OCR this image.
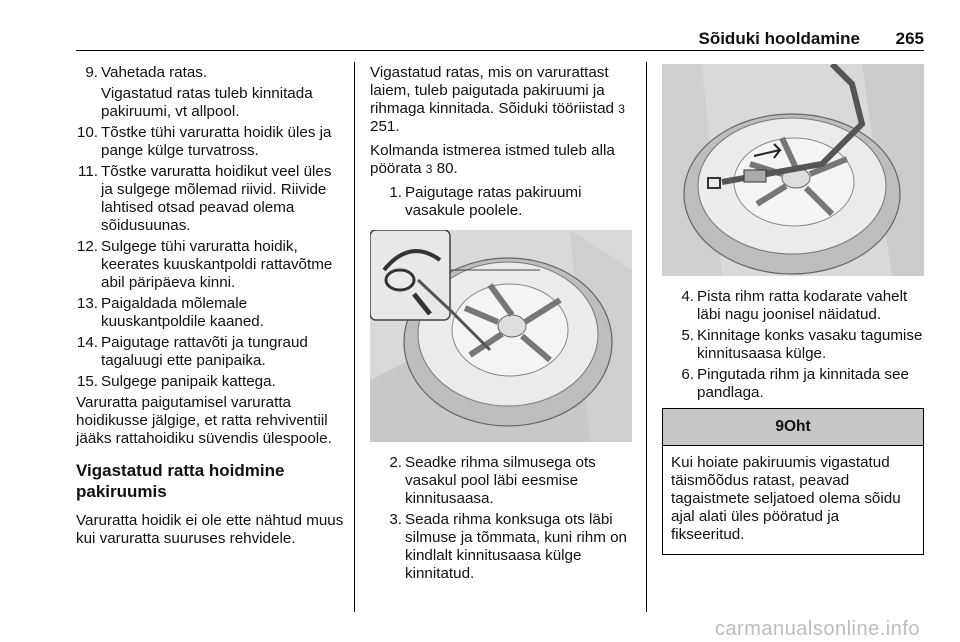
Sõiduki hooldamine 265
9. Vahetada ratas.
Vigastatud ratas tuleb kinnitada pakiruumi, vt allpool.
10. Tõstke tühi varuratta hoidik üles ja pange külge turvatross.
11. Tõstke varuratta hoidikut veel üles ja sulgege mõlemad riivid. Riivide lahtised otsad peavad olema sõidusuunas.
12. Sulgege tühi varuratta hoidik, keerates kuuskantpoldi rattavõtme abil päripäeva kinni.
13. Paigaldada mõlemale kuuskantpoldile kaaned.
14. Paigutage rattavõti ja tungraud tagaluugi ette panipaika.
15. Sulgege panipaik kattega.

Varuratta paigutamisel varuratta hoidikusse jälgige, et ratta rehviventiil jääks rattahoidiku süvendis ülespoole.

Vigastatud ratta hoidmine pakiruumis

Varuratta hoidik ei ole ette nähtud muus kui varuratta suuruses rehvidele.

Vigastatud ratas, mis on varurattast laiem, tuleb paigutada pakiruumi ja rihmaga kinnitada. Sõiduki tööriistad 3 251.

Kolmanda istmerea istmed tuleb alla pöörata 3 80.

1. Paigutage ratas pakiruumi vasakule poolele.
2. Seadke rihma silmusega ots vasakul pool läbi eesmise kinnitusaasa.
3. Seada rihma konksuga ots läbi silmuse ja tõmmata, kuni rihm on kindlalt kinnitusaasa külge kinnitatud.
4. Pista rihm ratta kodarate vahelt läbi nagu joonisel näidatud.
5. Kinnitage konks vasaku tagumise kinnitusaasa külge.
6. Pingutada rihm ja kinnitada see pandlaga.
9Oht
Kui hoiate pakiruumis vigastatud täismõõdus ratast, peavad tagaistmete seljatoed olema sõidu ajal alati üles pööratud ja fikseeritud.
carmanualsonline.info
